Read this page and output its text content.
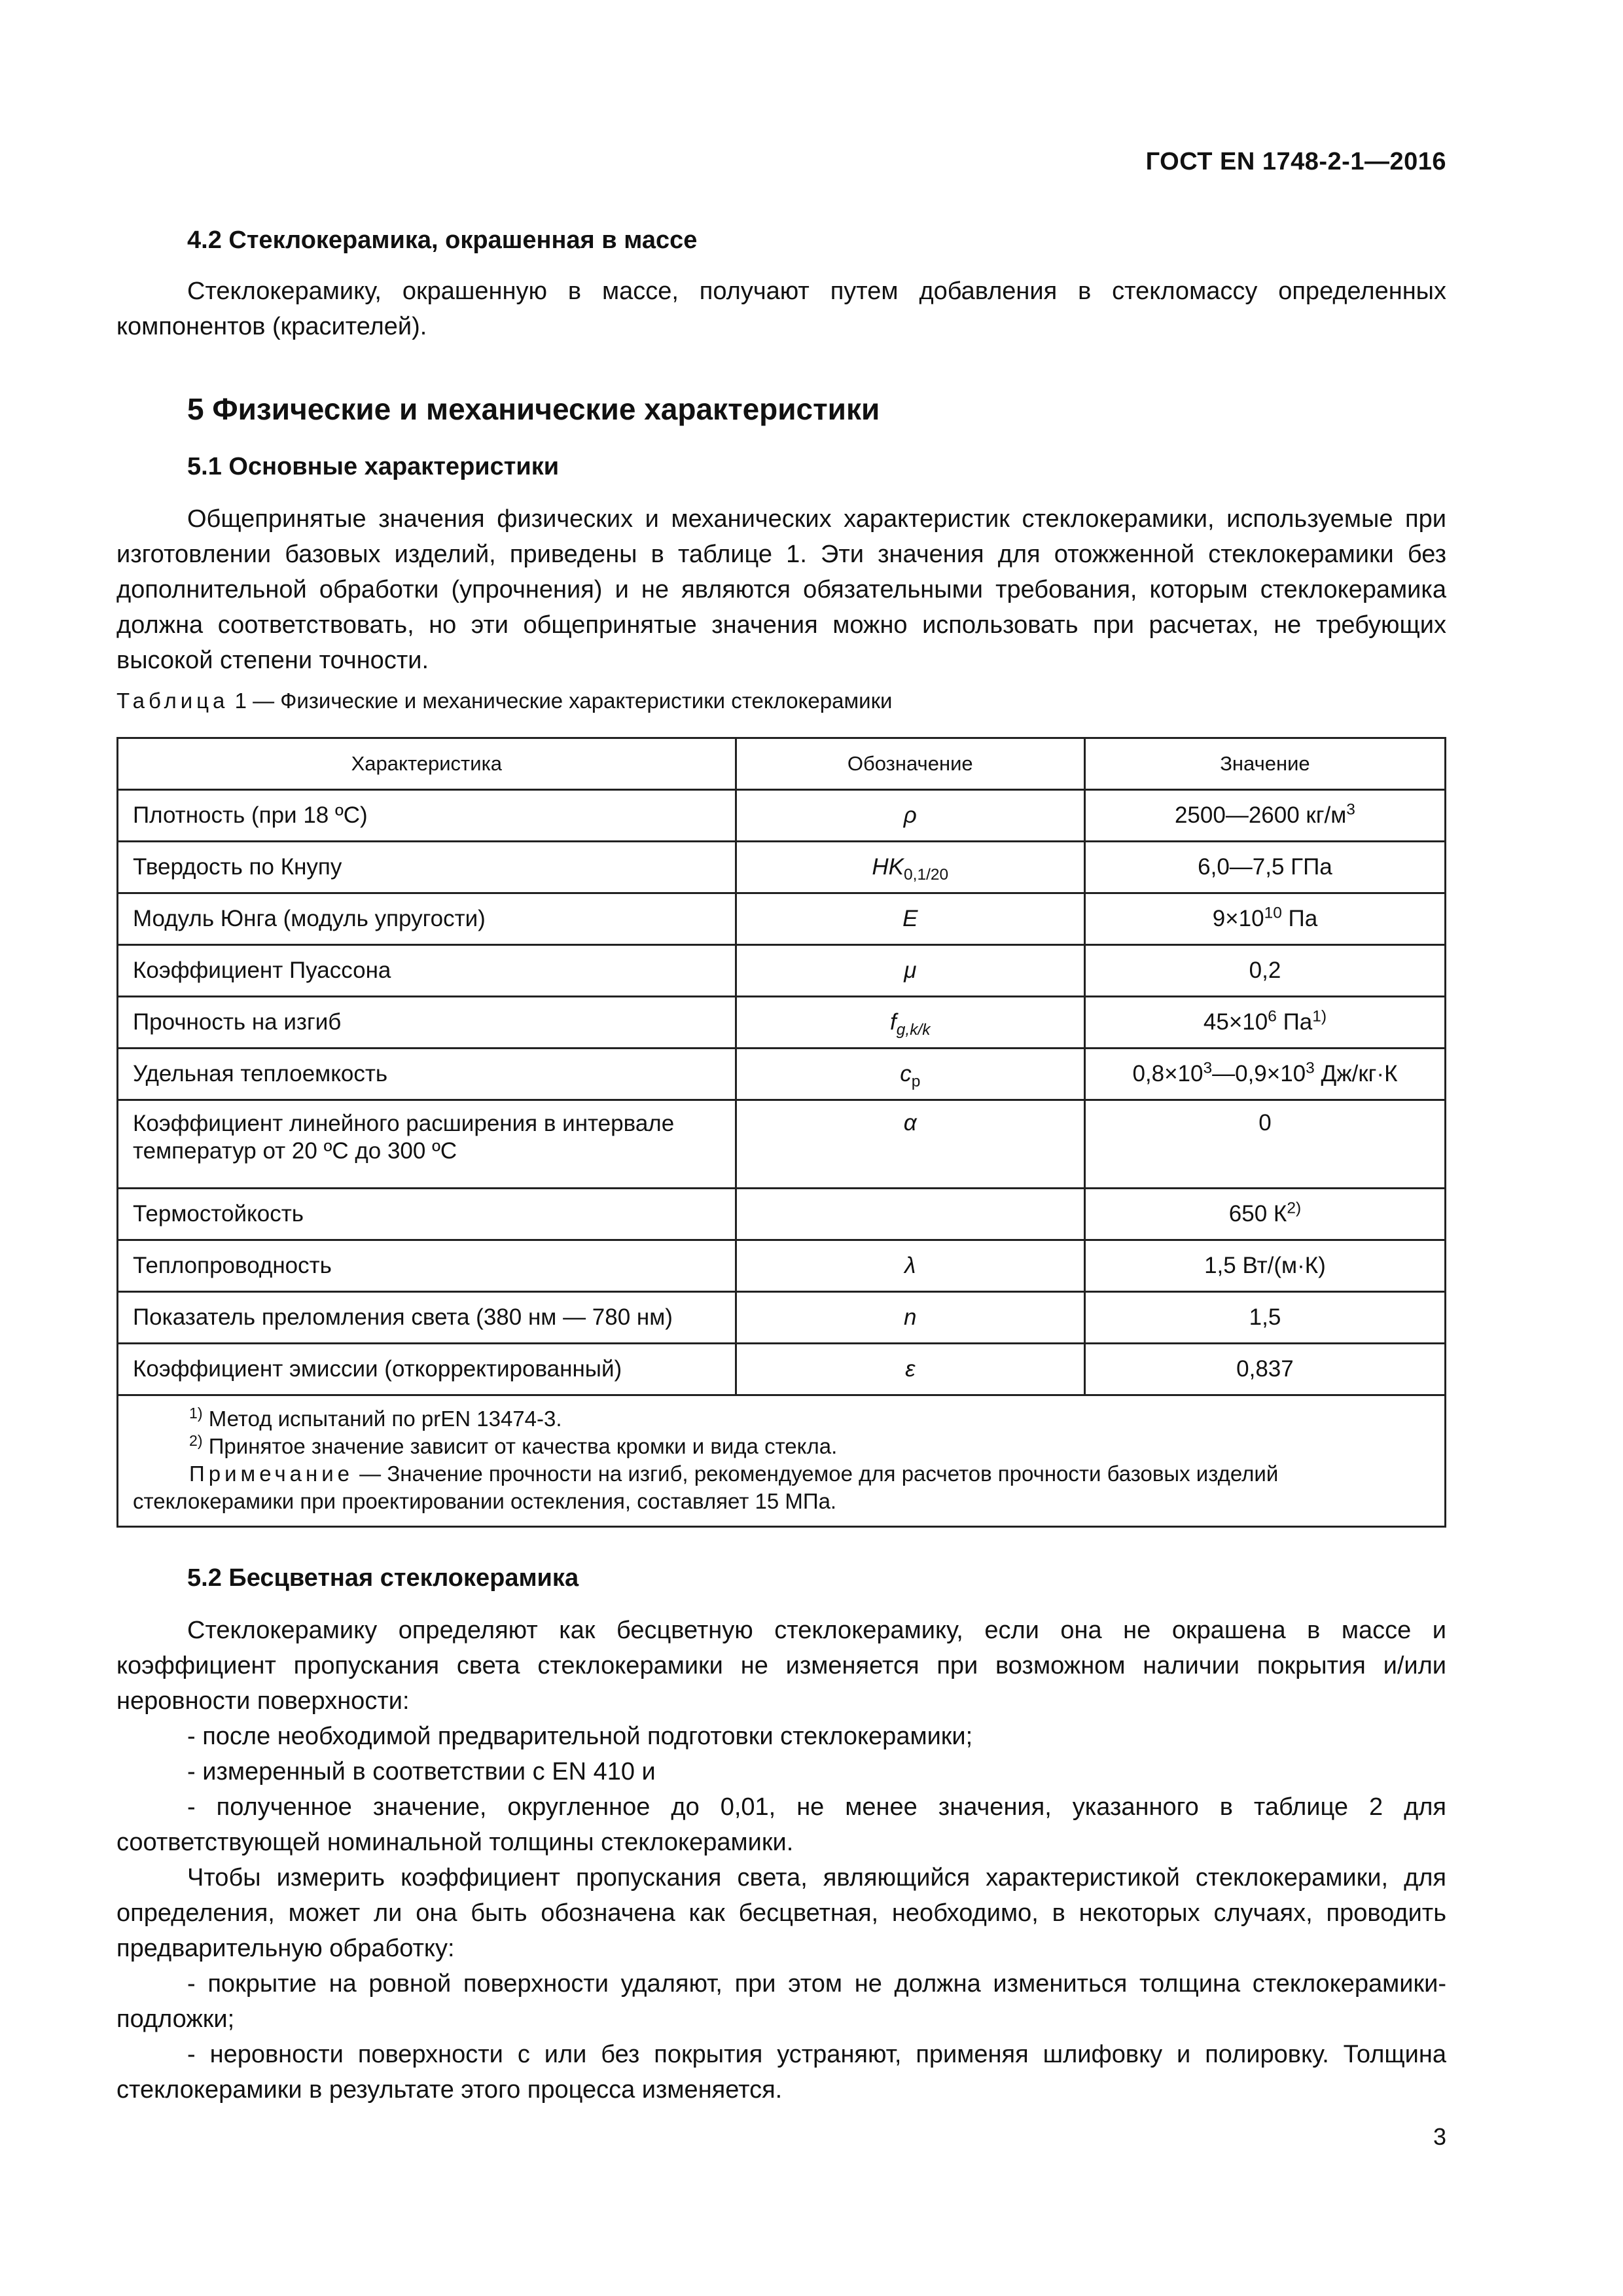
ГОСТ EN 1748-2-1—2016
4.2 Стеклокерамика, окрашенная в массе
Стеклокерамику, окрашенную в массе, получают путем добавления в стекломассу определенных компонентов (красителей).
5 Физические и механические характеристики
5.1 Основные характеристики
Общепринятые значения физических и механических характеристик стеклокерамики, используемые при изготовлении базовых изделий, приведены в таблице 1. Эти значения для отожженной стеклокерамики без дополнительной обработки (упрочнения) и не являются обязательными требования, которым стеклокерамика должна соответствовать, но эти общепринятые значения можно использовать при расчетах, не требующих высокой степени точности.
Таблица 1 — Физические и механические характеристики стеклокерамики
Характеристика	Обозначение	Значение
Плотность (при 18 ºС)	ρ	2500—2600 $кг/м^3$
Твердость по Кнупу	$HK_{0,1/20}$	6,0—7,5 ГПа
Модуль Юнга (модуль упругости)	E	$9\times 10^{10}$ Па
Коэффициент Пуассона	μ	0,2
Прочность на изгиб	$f_{g,k/k}$	$45\times 10^6$ $Па^{1)}$
Удельная теплоемкость	$c_p$	$0,8\times 10^3—0,9\times 10^3$ Дж/кг·К
Коэффициент линейного расширения в интервале температур от 20 ºС до 300 ºС	α	0
Термостойкость		650 $К^{2)}$
Теплопроводность	λ	1,5 Вт/(м·К)
Показатель преломления света (380 нм — 780 нм)	n	1,5
Коэффициент эмиссии (откорректированный)	ε	0,837

$^{1)}$ Метод испытаний по prEN 13474-3.
$^{2)}$ Принятое значение зависит от качества кромки и вида стекла.
Примечание — Значение прочности на изгиб, рекомендуемое для расчетов прочности базовых изделий стеклокерамики при проектировании остекления, составляет 15 МПа.		
5.2 Бесцветная стеклокерамика
Стеклокерамику определяют как бесцветную стеклокерамику, если она не окрашена в массе и коэффициент пропускания света стеклокерамики не изменяется при возможном наличии покрытия и/или неровности поверхности:
- после необходимой предварительной подготовки стеклокерамики;
- измеренный в соответствии с EN 410 и
- полученное значение, округленное до 0,01, не менее значения, указанного в таблице 2 для соответствующей номинальной толщины стеклокерамики.
Чтобы измерить коэффициент пропускания света, являющийся характеристикой стеклокерамики, для определения, может ли она быть обозначена как бесцветная, необходимо, в некоторых случаях, проводить предварительную обработку:
- покрытие на ровной поверхности удаляют, при этом не должна измениться толщина стеклокерамики-подложки;
- неровности поверхности с или без покрытия устраняют, применяя шлифовку и полировку. Толщина стеклокерамики в результате этого процесса изменяется.
3
